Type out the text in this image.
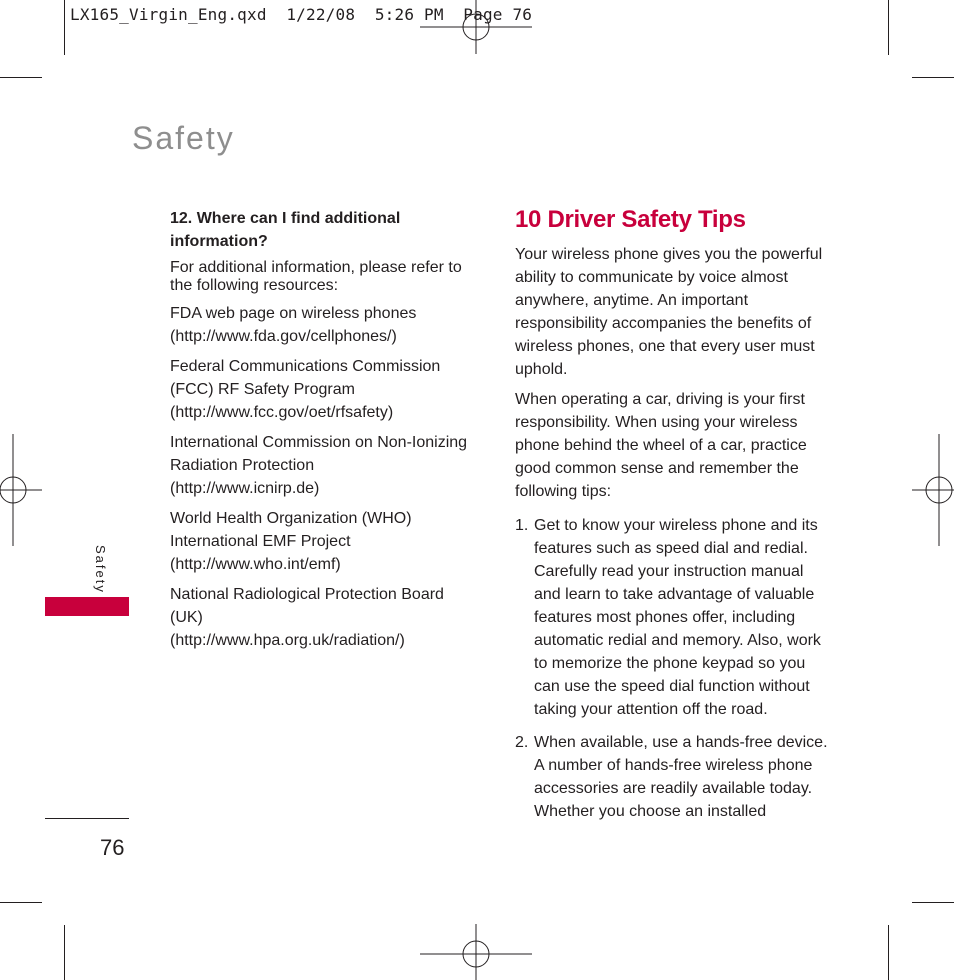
LX165_Virgin_Eng.qxd  1/22/08  5:26 PM  Page 76
Safety
Safety
76
12. Where can I find additional information?
For additional information, please refer to the following resources:
FDA web page on wireless phones
(http://www.fda.gov/cellphones/)
Federal Communications Commission
(FCC) RF Safety Program
(http://www.fcc.gov/oet/rfsafety)
International Commission on Non-Ionizing
Radiation Protection
(http://www.icnirp.de)
World Health Organization (WHO)
International EMF Project
(http://www.who.int/emf)
National Radiological Protection Board
(UK)
(http://www.hpa.org.uk/radiation/)
10 Driver Safety Tips
Your wireless phone gives you the powerful ability to communicate by voice almost anywhere, anytime. An important responsibility accompanies the benefits of wireless phones, one that every user must uphold.
When operating a car, driving is your first responsibility. When using your wireless phone behind the wheel of a car, practice good common sense and remember the following tips:
1. Get to know your wireless phone and its features such as speed dial and redial. Carefully read your instruction manual and learn to take advantage of valuable features most phones offer, including automatic redial and memory. Also, work to memorize the phone keypad so you can use the speed dial function without taking your attention off the road.
2. When available, use a hands-free device. A number of hands-free wireless phone accessories are readily available today. Whether you choose an installed
